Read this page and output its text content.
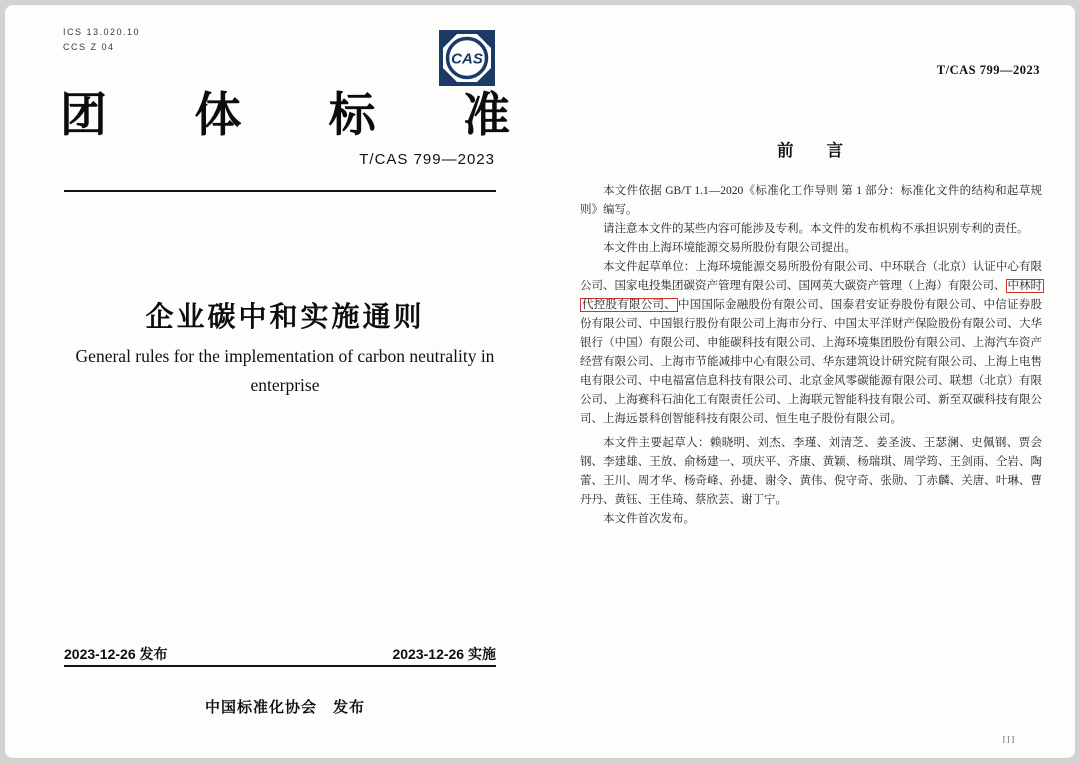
ICS 13.020.10
CCS Z 04
CAS
团 体 标 准
T/CAS 799—2023
企业碳中和实施通则
General rules for the implementation of carbon neutrality in
enterprise
2023-12-26 发布	2023-12-26 实施
中国标准化协会　发布
T/CAS 799—2023
前　　言

本文件依据 GB/T 1.1—2020《标准化工作导则 第 1 部分：标准化文件的结构和起草规则》编写。

请注意本文件的某些内容可能涉及专利。本文件的发布机构不承担识别专利的责任。

本文件由上海环境能源交易所股份有限公司提出。

本文件起草单位：上海环境能源交易所股份有限公司、中环联合（北京）认证中心有限公司、国家电投集团碳资产管理有限公司、国网英大碳资产管理（上海）有限公司、 中林时代控股有限公司、 中国国际金融股份有限公司、国泰君安证券股份有限公司、中信证券股份有限公司、中国银行股份有限公司上海市分行、中国太平洋财产保险股份有限公司、大华银行（中国）有限公司、申能碳科技有限公司、上海环境集团股份有限公司、上海汽车资产经营有限公司、上海市节能减排中心有限公司、华东建筑设计研究院有限公司、上海上电售电有限公司、中电福富信息科技有限公司、北京金风零碳能源有限公司、联想（北京）有限公司、上海赛科石油化工有限责任公司、上海联元智能科技有限公司、新至双碳科技有限公司、上海远景科创智能科技有限公司、恒生电子股份有限公司。

本文件主要起草人：赖晓明、刘杰、李瑾、刘清芝、姜圣波、王瑟澜、史佩钢、贾会钢、李建雄、王放、俞杨建一、项庆平、齐康、黄颖、杨瑞琪、周学筠、王剑雨、仝岩、陶蕾、王川、周才华、杨奇峰、孙捷、谢令、黄伟、倪守奇、张勋、丁赤麟、关唐、叶琳、曹丹丹、黄钰、王佳琦、蔡欣芸、谢丁宁。

本文件首次发布。

III
